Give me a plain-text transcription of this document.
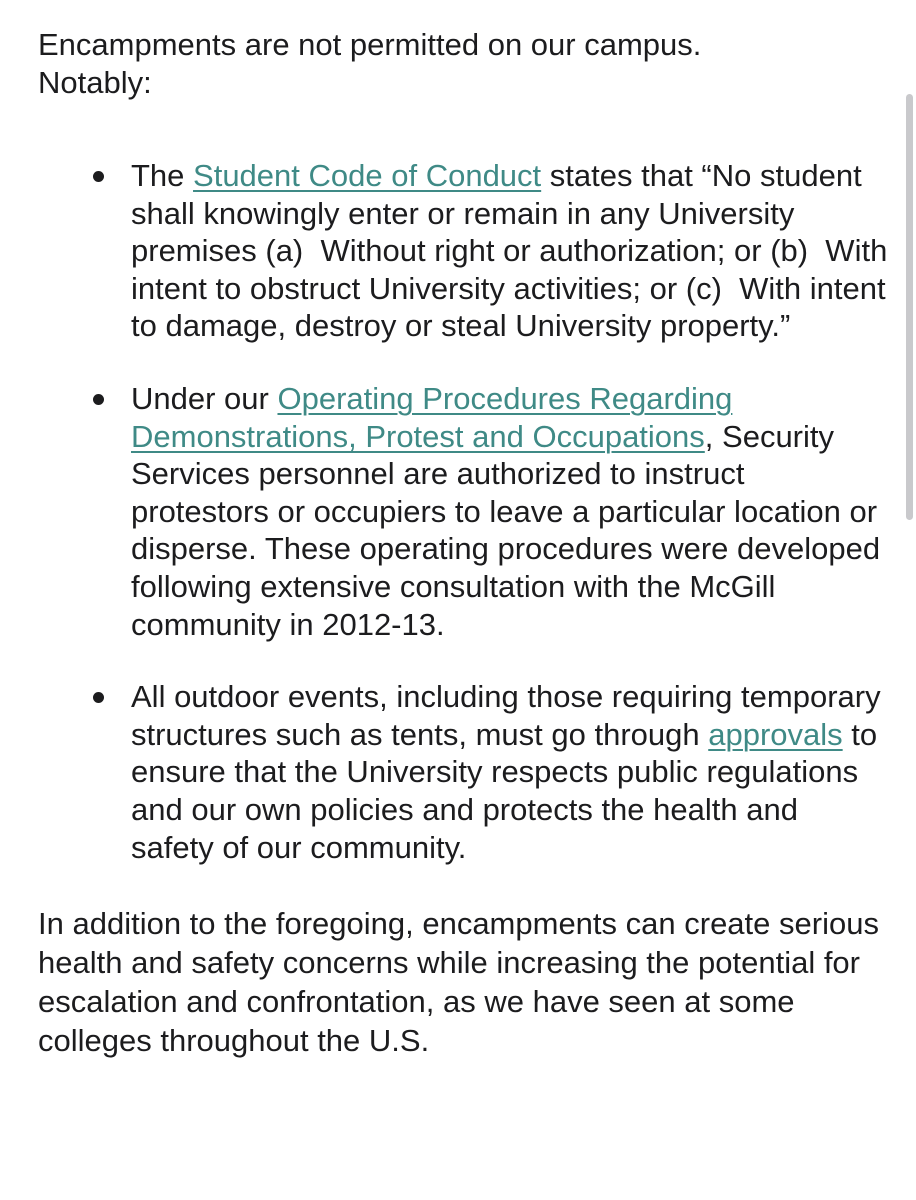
Encampments are not permitted on our campus.
Notably:

The Student Code of Conduct states that “No student shall knowingly enter or remain in any University premises (a)  Without right or authorization; or (b)  With intent to obstruct University activities; or (c)  With intent to damage, destroy or steal University property.”
Under our Operating Procedures Regarding Demonstrations, Protest and Occupations, Security Services personnel are authorized to instruct protestors or occupiers to leave a particular location or disperse. These operating procedures were developed following extensive consultation with the McGill community in 2012-13.
All outdoor events, including those requiring temporary structures such as tents, must go through approvals to ensure that the University respects public regulations and our own policies and protects the health and safety of our community.

In addition to the foregoing, encampments can create serious health and safety concerns while increasing the potential for escalation and confrontation, as we have seen at some colleges throughout the U.S.
